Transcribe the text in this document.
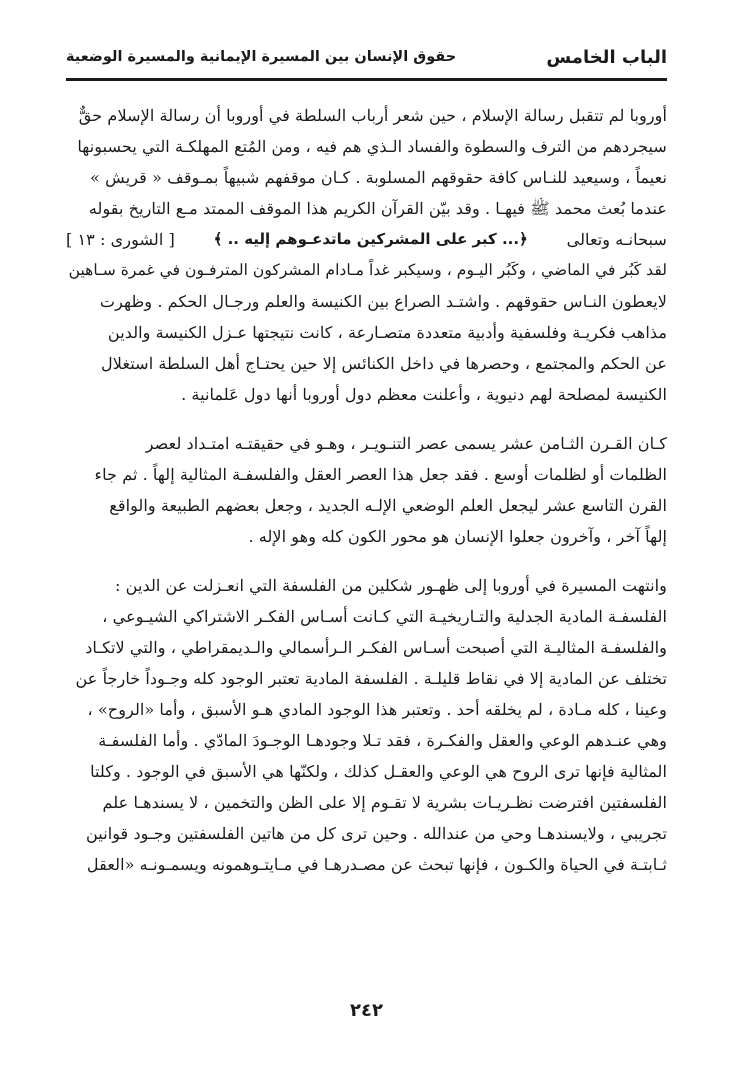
الباب الخامس
حقوق الإنسان بين المسيرة الإيمانية والمسيرة الوضعية

أوروبا لم تتقبل رسالة الإسلام ، حين شعر أرباب السلطة في أوروبا أن رسالة الإسلام حقٌّ
سيجردهم من الترف والسطوة والفساد الـذي هم فيه ، ومن المُتع المهلكـة التي يحسبونها
نعيماً ، وسيعيد للنـاس كافة حقوقهم المسلوبة . كـان موقفهم شبيهاً بمـوقف « قريش »
عندما بُعث محمد ﷺ فيهـا . وقد بيّن القرآن الكريم هذا الموقف الممتد مـع التاريخ بقوله
سبحانـه وتعالى
﴿... كبر على المشركين ماتدعـوهم إليه .. ﴾
[ الشورى : ١٣ ]
لقد كَبُر في الماضي ، وكَبُر اليـوم ، وسيكبر غداً مـادام المشركون المترفـون في غمرة سـاهين
لايعطون النـاس حقوقهم . واشتـد الصراع بين الكنيسة والعلم ورجـال الحكم . وظهرت
مذاهب فكريـة وفلسفية وأدبية متعددة متصـارعة ، كانت نتيجتها عـزل الكنيسة والدين
عن الحكم والمجتمع ، وحصرها في داخل الكنائس إلا حين يحتـاج أهل السلطة استغلال
الكنيسة لمصلحة لهم دنيوية ، وأعلنت معظم دول أوروبا أنها دول عَلمانية .

كـان القـرن الثـامن عشر يسمى عصر التنـويـر ، وهـو في حقيقتـه امتـداد لعصر
الظلمات أو لظلمات أوسع . فقد جعل هذا العصر العقل والفلسفـة المثالية إلهاً . ثم جاء
القرن التاسع عشر ليجعل العلم الوضعي الإلـه الجديد ، وجعل بعضهم الطبيعة والواقع
إلهاً آخر ، وآخرون جعلوا الإنسان هو محور الكون كله وهو الإله .

وانتهت المسيرة في أوروبا إلى ظهـور شكلين من الفلسفة التي انعـزلت عن الدين :
الفلسفـة المادية الجدلية والتـاريخيـة التي كـانت أسـاس الفكـر الاشتراكي الشيـوعي ،
والفلسفـة المثاليـة التي أصبحت أسـاس الفكـر الـرأسمالي والـديمقراطي ، والتي لاتكـاد
تختلف عن المادية إلا في نقاط قليلـة . الفلسفة المادية تعتبر الوجود كله وجـوداً خارجاً عن
وعينا ، كله مـادة ، لم يخلقه أحد . وتعتبر هذا الوجود المادي هـو الأسبق ، وأما «الروح» ،
وهي عنـدهم الوعي والعقل والفكـرة ، فقد تـلا وجودهـا الوجـودَ المادّي . وأما الفلسفـة
المثالية فإنها ترى الروح هي الوعي والعقـل كذلك ، ولكنّها هي الأسبق في الوجود . وكلتا
الفلسفتين افترضت نظـريـات بشرية لا تقـوم إلا على الظن والتخمين ، لا يسندهـا علم
تجريبي ، ولايسندهـا وحي من عندالله . وحين ترى كل من هاتين الفلسفتين وجـود قوانين
ثـابتـة في الحياة والكـون ، فإنها تبحث عن مصـدرهـا في مـايتـوهمونه ويسمـونـه «العقل

٢٤٢
